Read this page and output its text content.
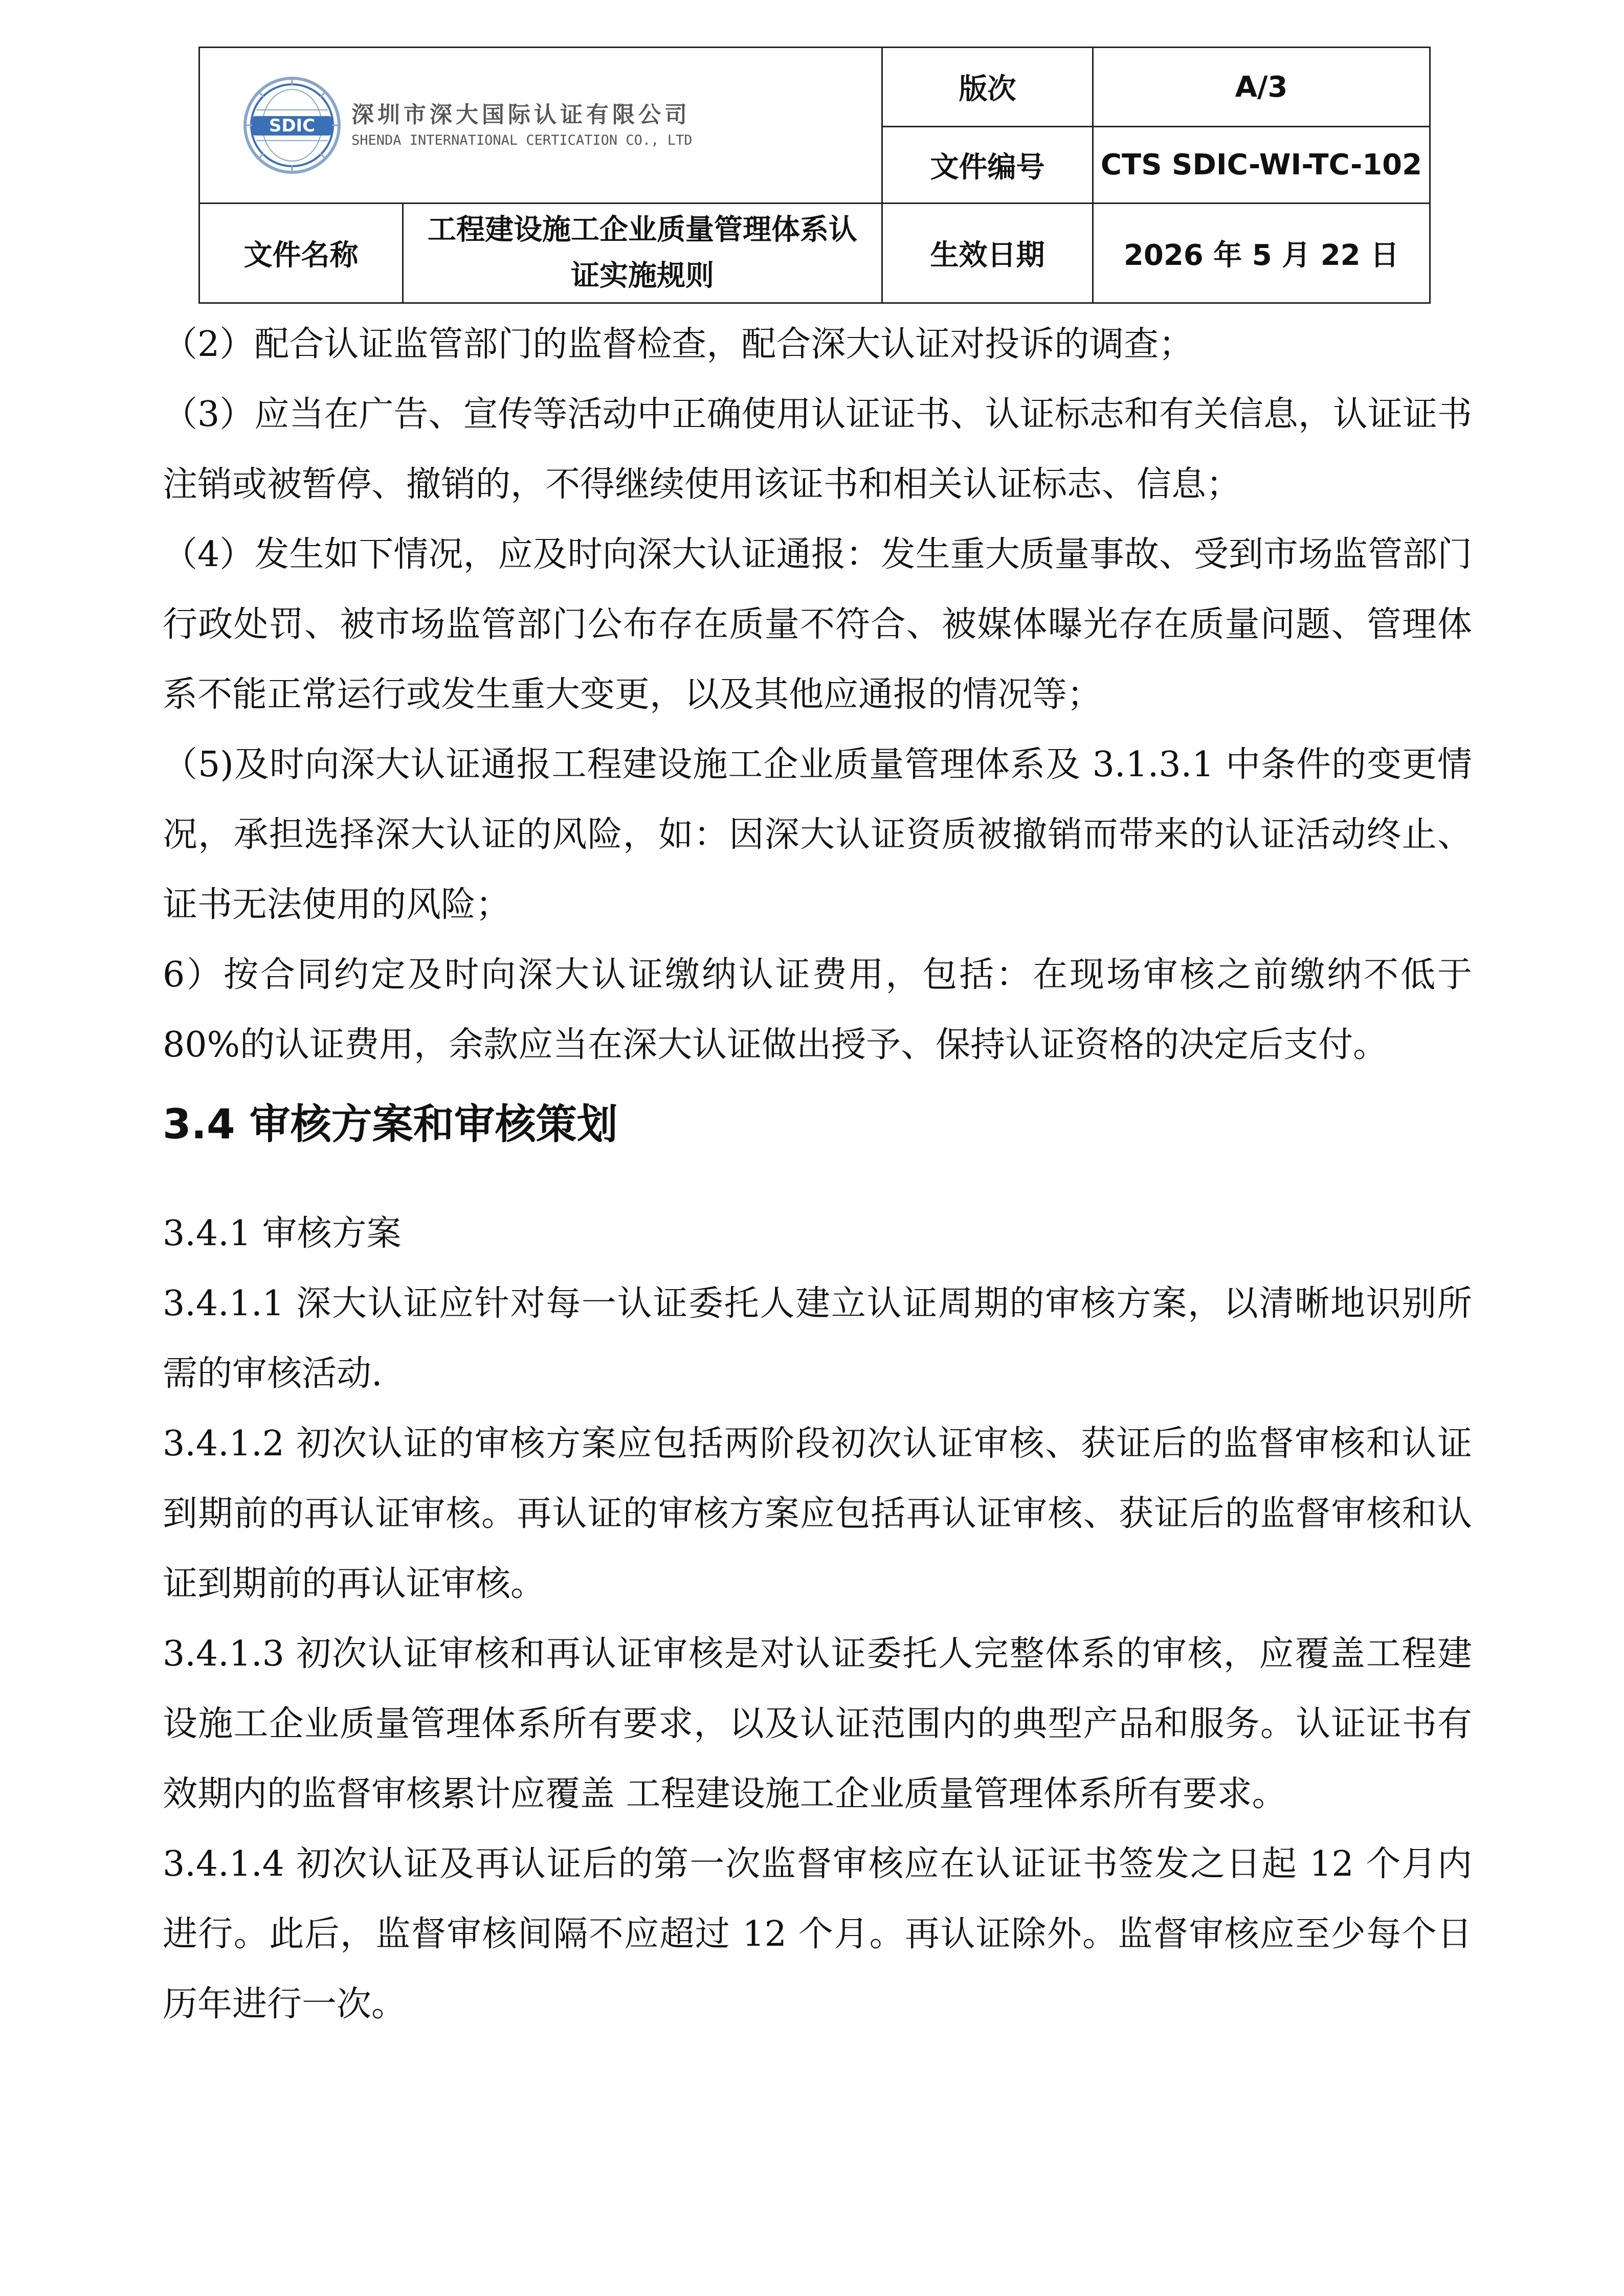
SDIC 深圳市深大国际认证有限公司
SHENDA INTERNATIONAL CERTICATION CO., LTD		版次	A/3
		文件编号	CTS SDIC-WI-TC-102
文件名称	工程建设施工企业质量管理体系认证实施规则	生效日期	2026 年 5 月 22 日

（2）配合认证监管部门的监督检查，配合深大认证对投诉的调查；

（3）应当在广告、宣传等活动中正确使用认证证书、认证标志和有关信息，认证证书注销或被暂停、撤销的，不得继续使用该证书和相关认证标志、信息；

（4）发生如下情况，应及时向深大认证通报：发生重大质量事故、受到市场监管部门行政处罚、被市场监管部门公布存在质量不符合、被媒体曝光存在质量问题、管理体系不能正常运行或发生重大变更，以及其他应通报的情况等；

（5)及时向深大认证通报工程建设施工企业质量管理体系及 3.1.3.1 中条件的变更情况，承担选择深大认证的风险，如：因深大认证资质被撤销而带来的认证活动终止、证书无法使用的风险；

6）按合同约定及时向深大认证缴纳认证费用，包括：在现场审核之前缴纳不低于 80%的认证费用，余款应当在深大认证做出授予、保持认证资格的决定后支付。

3.4 审核方案和审核策划

3.4.1 审核方案

3.4.1.1 深大认证应针对每一认证委托人建立认证周期的审核方案，以清晰地识别所需的审核活动.

3.4.1.2 初次认证的审核方案应包括两阶段初次认证审核、获证后的监督审核和认证到期前的再认证审核。再认证的审核方案应包括再认证审核、获证后的监督审核和认证到期前的再认证审核。

3.4.1.3 初次认证审核和再认证审核是对认证委托人完整体系的审核，应覆盖工程建设施工企业质量管理体系所有要求，以及认证范围内的典型产品和服务。认证证书有效期内的监督审核累计应覆盖 工程建设施工企业质量管理体系所有要求。

3.4.1.4 初次认证及再认证后的第一次监督审核应在认证证书签发之日起 12 个月内进行。此后，监督审核间隔不应超过 12 个月。再认证除外。监督审核应至少每个日历年进行一次。
